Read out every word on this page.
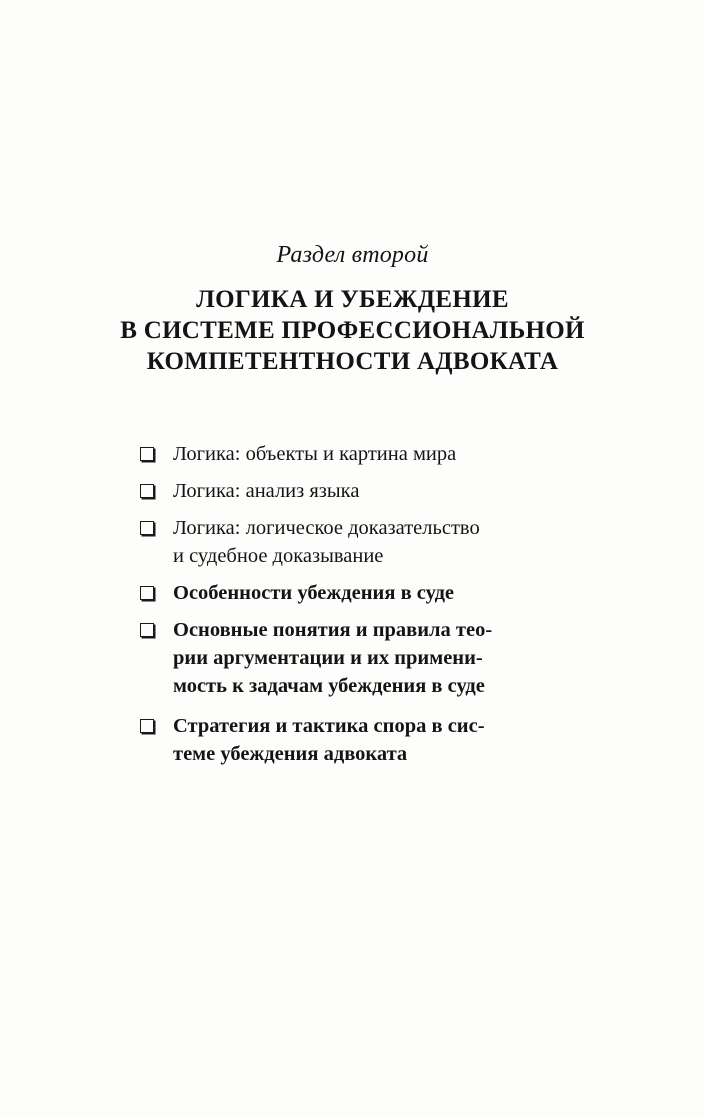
Раздел второй
ЛОГИКА И УБЕЖДЕНИЕ
В СИСТЕМЕ ПРОФЕССИОНАЛЬНОЙ
КОМПЕТЕНТНОСТИ АДВОКАТА
Логика: объекты и картина мира
Логика: анализ языка
Логика: логическое доказательство
и судебное доказывание
Особенности убеждения в суде
Основные понятия и правила тео-
рии аргументации и их примени-
мость к задачам убеждения в суде
Стратегия и тактика спора в сис-
теме убеждения адвоката
